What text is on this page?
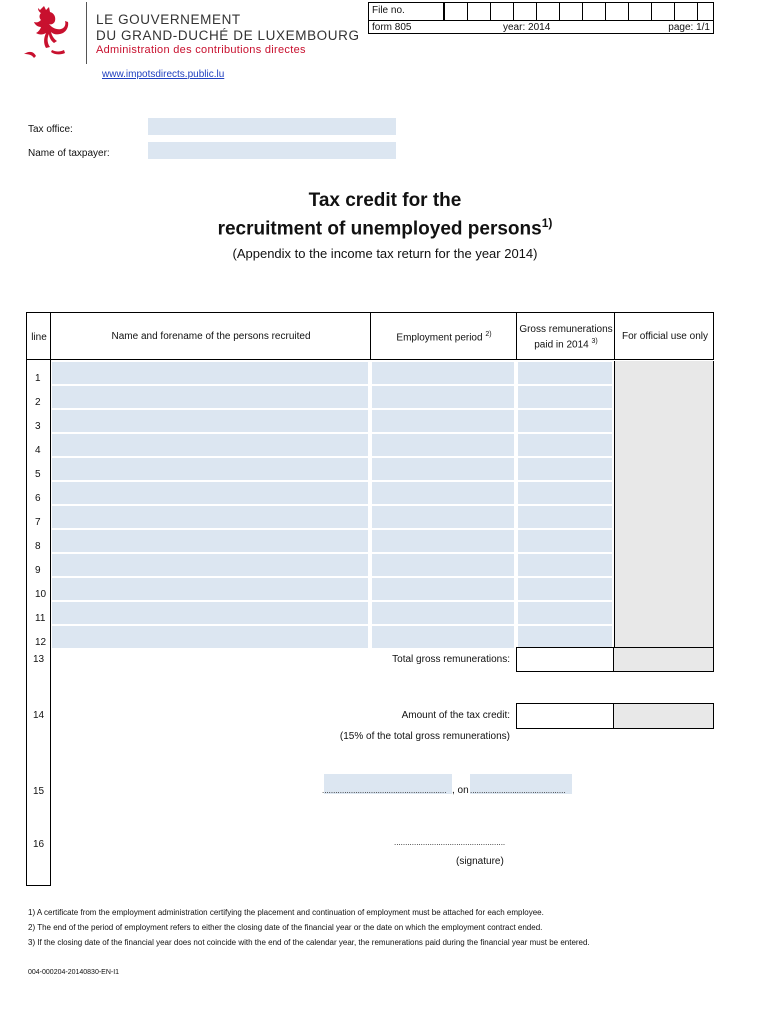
LE GOUVERNEMENT
DU GRAND-DUCHÉ DE LUXEMBOURG
Administration des contributions directes
www.impotsdirects.public.lu
File no.
form 805	year: 2014	page: 1/1
Tax office:
Name of taxpayer:
Tax credit for the
recruitment of unemployed persons$^{1)}$
(Appendix to the income tax return for the year 2014)
line	Name and forename of the persons recruited	Employment period $^{2)}$	Gross remunerations
paid in 2014 $^{3)}$	For official use only
1
2
3
4
5
6
7
8
9
10
11
12
13	Total gross remunerations:
14	Amount of the tax credit:
(15% of the total gross remunerations)
15	........................................................ , on ...........................................
16	..................................................
(signature)
1) A certificate from the employment administration certifying the placement and continuation of employment must be attached for each employee.
2) The end of the period of employment refers to either the closing date of the financial year or the date on which the employment contract ended.
3) If the closing date of the financial year does not coincide with the end of the calendar year, the remunerations paid during the financial year must be entered.
004-000204-20140830-EN-I1
